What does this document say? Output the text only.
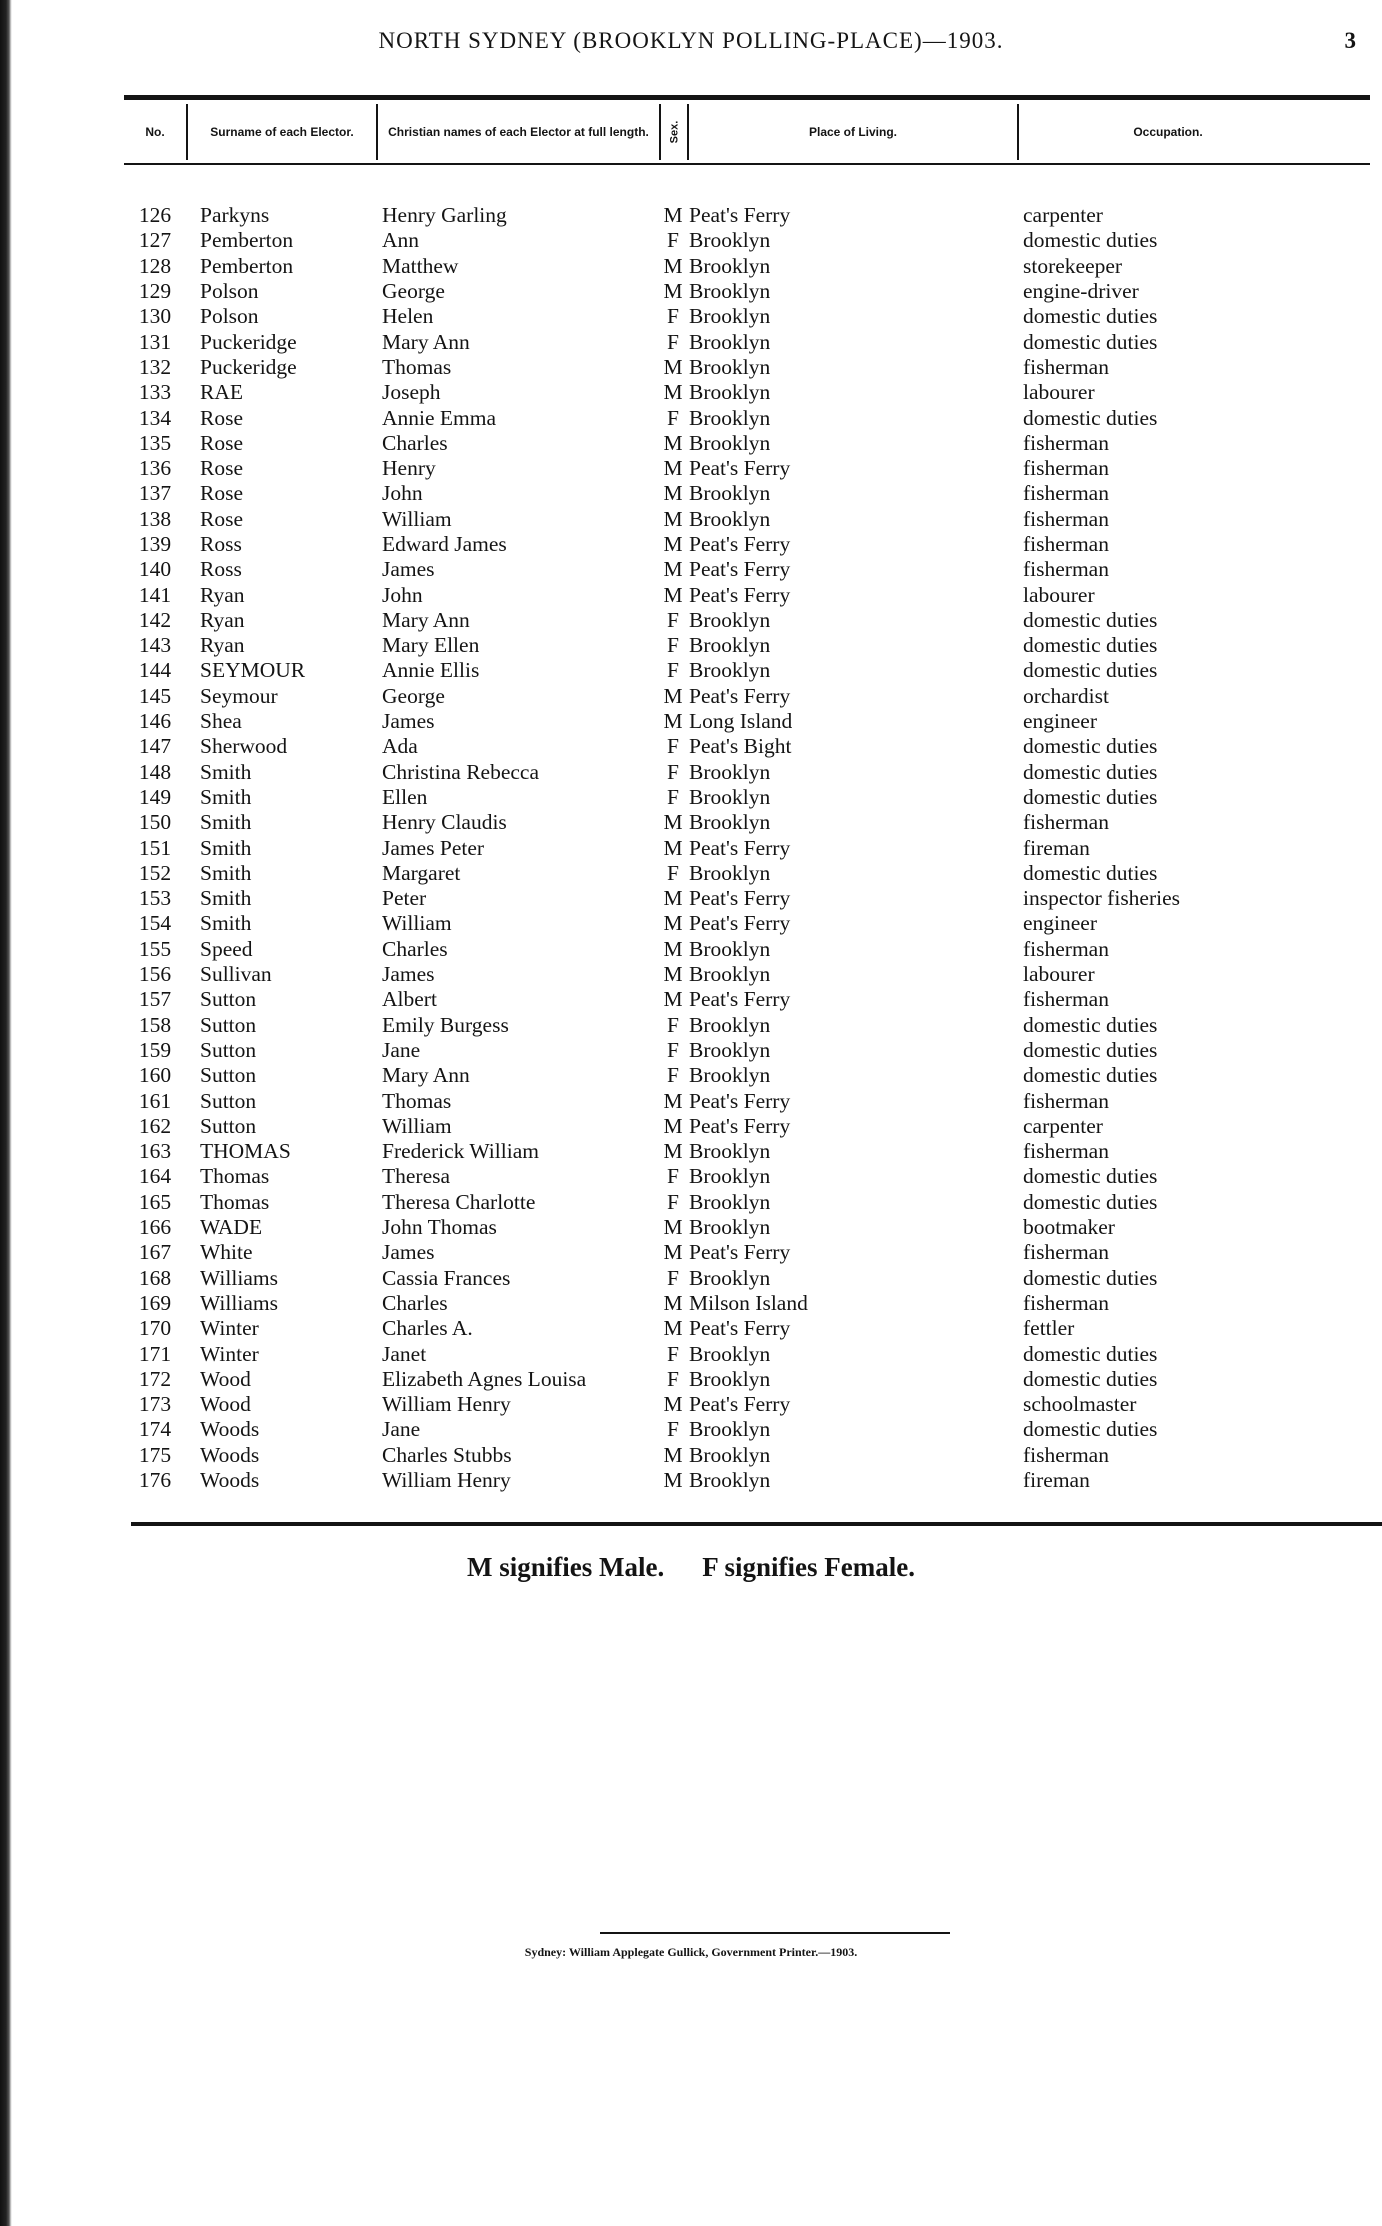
NORTH SYDNEY (BROOKLYN POLLING-PLACE)—1903.	3
No.	Surname of each Elector.	Christian names of each Elector at full length.	Sex.	Place of Living.	Occupation.
126	Parkyns	Henry Garling	M Peat's Ferry	carpenter
127	Pemberton	Ann	F Brooklyn	domestic duties
128	Pemberton	Matthew	M Brooklyn	storekeeper
129	Polson	George	M Brooklyn	engine-driver
130	Polson	Helen	F Brooklyn	domestic duties
131	Puckeridge	Mary Ann	F Brooklyn	domestic duties
132	Puckeridge	Thomas	M Brooklyn	fisherman
133	RAE	Joseph	M Brooklyn	labourer
134	Rose	Annie Emma	F Brooklyn	domestic duties
135	Rose	Charles	M Brooklyn	fisherman
136	Rose	Henry	M Peat's Ferry	fisherman
137	Rose	John	M Brooklyn	fisherman
138	Rose	William	M Brooklyn	fisherman
139	Ross	Edward James	M Peat's Ferry	fisherman
140	Ross	James	M Peat's Ferry	fisherman
141	Ryan	John	M Peat's Ferry	labourer
142	Ryan	Mary Ann	F Brooklyn	domestic duties
143	Ryan	Mary Ellen	F Brooklyn	domestic duties
144	SEYMOUR	Annie Ellis	F Brooklyn	domestic duties
145	Seymour	George	M Peat's Ferry	orchardist
146	Shea	James	M Long Island	engineer
147	Sherwood	Ada	F Peat's Bight	domestic duties
148	Smith	Christina Rebecca	F Brooklyn	domestic duties
149	Smith	Ellen	F Brooklyn	domestic duties
150	Smith	Henry Claudis	M Brooklyn	fisherman
151	Smith	James Peter	M Peat's Ferry	fireman
152	Smith	Margaret	F Brooklyn	domestic duties
153	Smith	Peter	M Peat's Ferry	inspector fisheries
154	Smith	William	M Peat's Ferry	engineer
155	Speed	Charles	M Brooklyn	fisherman
156	Sullivan	James	M Brooklyn	labourer
157	Sutton	Albert	M Peat's Ferry	fisherman
158	Sutton	Emily Burgess	F Brooklyn	domestic duties
159	Sutton	Jane	F Brooklyn	domestic duties
160	Sutton	Mary Ann	F Brooklyn	domestic duties
161	Sutton	Thomas	M Peat's Ferry	fisherman
162	Sutton	William	M Peat's Ferry	carpenter
163	THOMAS	Frederick William	M Brooklyn	fisherman
164	Thomas	Theresa	F Brooklyn	domestic duties
165	Thomas	Theresa Charlotte	F Brooklyn	domestic duties
166	WADE	John Thomas	M Brooklyn	bootmaker
167	White	James	M Peat's Ferry	fisherman
168	Williams	Cassia Frances	F Brooklyn	domestic duties
169	Williams	Charles	M Milson Island	fisherman
170	Winter	Charles A.	M Peat's Ferry	fettler
171	Winter	Janet	F Brooklyn	domestic duties
172	Wood	Elizabeth Agnes Louisa	F Brooklyn	domestic duties
173	Wood	William Henry	M Peat's Ferry	schoolmaster
174	Woods	Jane	F Brooklyn	domestic duties
175	Woods	Charles Stubbs	M Brooklyn	fisherman
176	Woods	William Henry	M Brooklyn	fireman
M signifies Male. F signifies Female.
Sydney: William Applegate Gullick, Government Printer.—1903.
